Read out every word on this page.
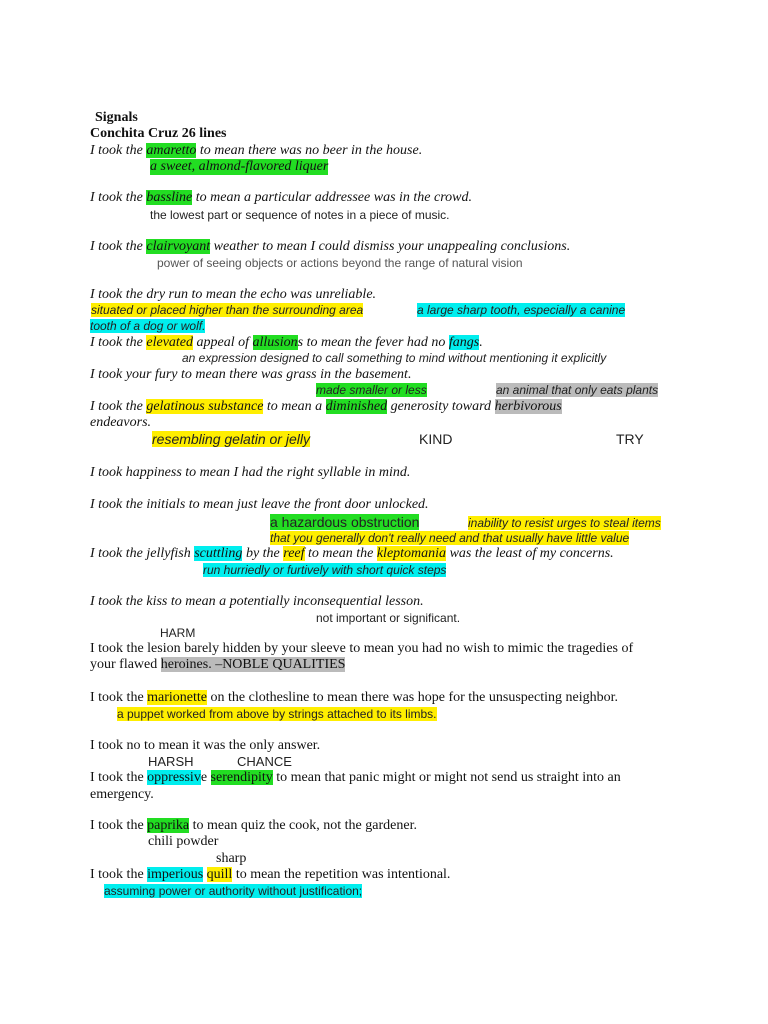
Signals

Conchita Cruz 26 lines

I took the amaretto to mean there was no beer in the house.

a sweet, almond-flavored liquer

I took the bassline to mean a particular addressee was in the crowd.

the lowest part or sequence of notes in a piece of music.

I took the clairvoyant weather to mean I could dismiss your unappealing conclusions.

power of seeing objects or actions beyond the range of natural vision

I took the dry run to mean the echo was unreliable.

situated or placed higher than the surrounding area	a large sharp tooth, especially a canine

tooth of a dog or wolf.

I took the elevated appeal of allusions to mean the fever had no fangs.

an expression designed to call something to mind without mentioning it explicitly

I took your fury to mean there was grass in the basement.

made smaller or less	an animal that only eats plants

I took the gelatinous substance to mean a diminished generosity toward herbivorous

endeavors.

resembling gelatin or jelly	KIND	TRY

I took happiness to mean I had the right syllable in mind.

I took the initials to mean just leave the front door unlocked.

a hazardous obstruction	inability to resist urges to steal items

that you generally don't really need and that usually have little value

I took the jellyfish scuttling by the reef to mean the kleptomania was the least of my concerns.

run hurriedly or furtively with short quick steps

I took the kiss to mean a potentially inconsequential lesson.

not important or significant.

HARM

I took the lesion barely hidden by your sleeve to mean you had no wish to mimic the tragedies of

your flawed heroines. –NOBLE QUALITIES

I took the marionette on the clothesline to mean there was hope for the unsuspecting neighbor.

a puppet worked from above by strings attached to its limbs.

I took no to mean it was the only answer.

HARSH	CHANCE

I took the oppressive serendipity to mean that panic might or might not send us straight into an

emergency.

I took the paprika to mean quiz the cook, not the gardener.

chili powder

sharp

I took the imperious quill to mean the repetition was intentional.

assuming power or authority without justification;
